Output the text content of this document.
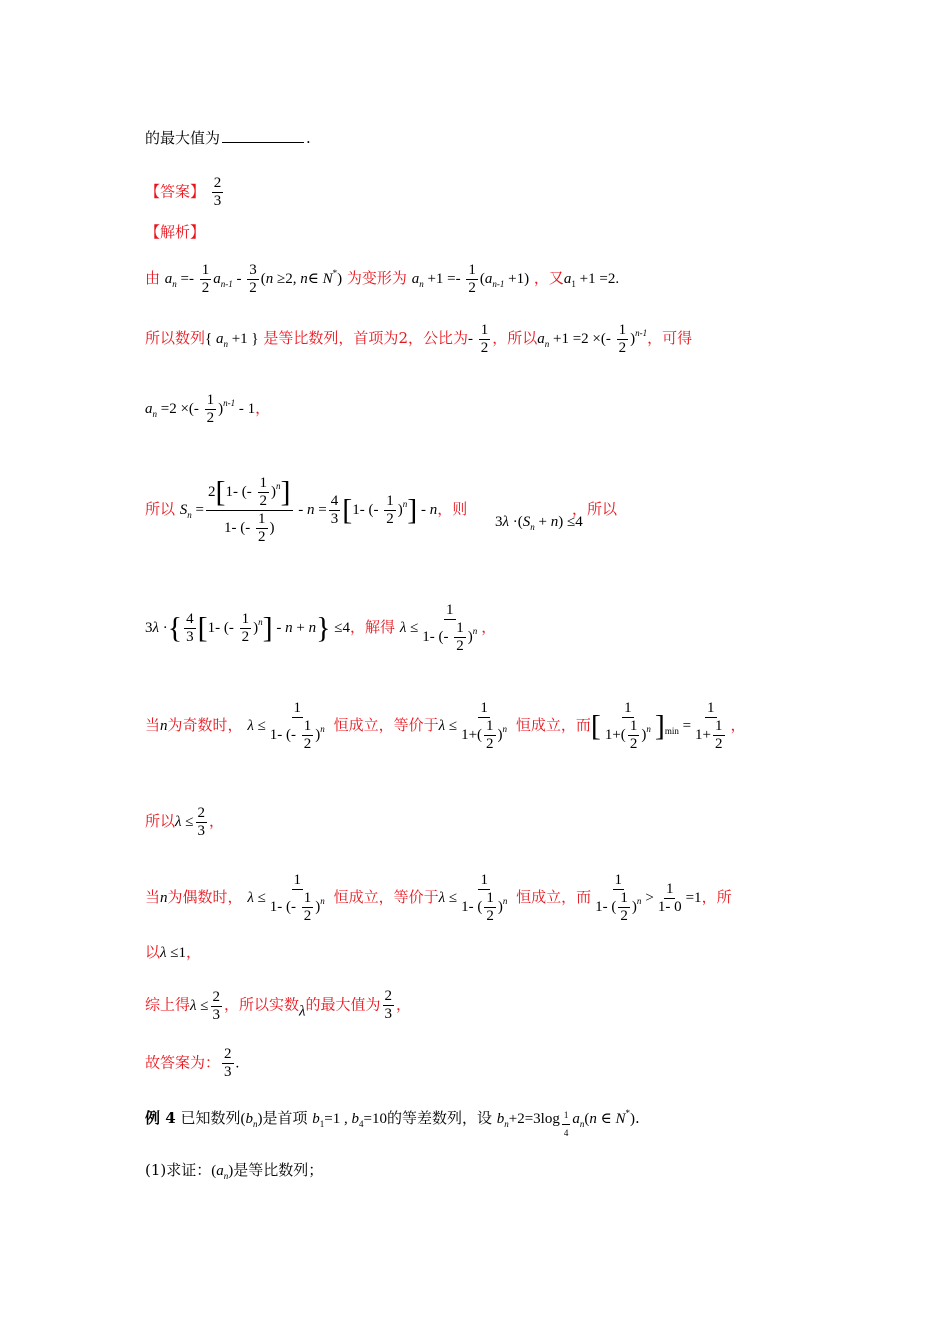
的最大值为	.
【答案】 $\frac{2}{3}$
【解析】
由 $a_n =- \frac{1}{2} a_{n-1} - \frac{3}{2} (n \ge 2$, n∈ N*) 为变形为 $a_n +1 =- \frac{1}{2} (a_{n-1} +1)$ ，又$a_1 +1 =2$.
所以数列{ $a_n +1$ } 是等比数列，首项为2，公比为- $\frac{1}{2}$ ，所以$a_n +1 =2$ ×(- $\frac{1}{2} )^{n-1}$，可得
$a_n =2$ ×(- $\frac{1}{2} )^{n-1} - 1$，
所以 $S_n = \frac{2[1- (- \frac{1}{2} )^n]}{1- (- \frac{1}{2} )} - n = \frac{4}{3} [1-$ (- $\frac{1}{2} )^n$] - n，则	，所以
$3\lambda \cdot(S_n + n) \le 4$
3λ ·{ $\frac{4}{3} [1-$ (- $\frac{1}{2} )^n] - n + n\} \le 4$，解得 $\lambda \le \frac{1}{1- (- \frac{1}{2} )^n}$ ，
当n为奇数时， $\lambda \le \frac{1}{1- (- \frac{1}{2} )^n}$ 恒成立，等价于$\lambda \le \frac{1}{1+( \frac{1}{2} )^n}$ 恒成立，而[ $\frac{1}{1+( \frac{1}{2} )^n} ]_{min} = \frac{1}{1+ \frac{1}{2}}$ ，
所以$\lambda \le \frac{2}{3}$ ，
当n为偶数时， $\lambda \le \frac{1}{1- (- \frac{1}{2} )^n}$ 恒成立，等价于$\lambda \le \frac{1}{1- ( \frac{1}{2} )^n}$ 恒成立，而 $\frac{1}{1- ( \frac{1}{2} )^n} > \frac{1}{1- 0} =1$，所
以λ ≤1，
综上得$\lambda \le \frac{2}{3}$ ，所以实数λ的最大值为 $\frac{2}{3}$ ，
故答案为： $\frac{2}{3}$ .
例 4 已知数列$(b_n)$是首项 $b_1=1$ , $b_4=10$的等差数列，设 $b_n+2=3\log$ $_{\frac{1}{4}}$ $a_n(n$ ∈ N*).
(1)求证：$(a_n)$是等比数列；
